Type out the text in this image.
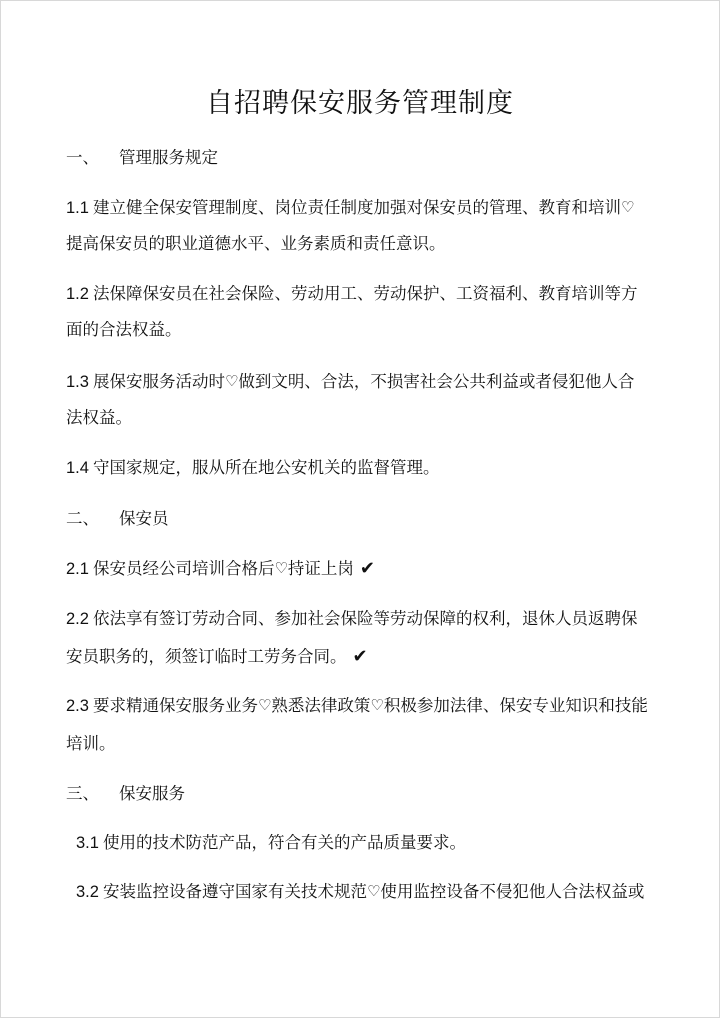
自招聘保安服务管理制度
一、 管理服务规定
1.1 建立健全保安管理制度、岗位责任制度加强对保安员的管理、教育和培训♡
提高保安员的职业道德水平、业务素质和责任意识。
1.2 法保障保安员在社会保险、劳动用工、劳动保护、工资福利、教育培训等方
面的合法权益。
1.3 展保安服务活动时♡做到文明、合法，不损害社会公共利益或者侵犯他人合
法权益。
1.4 守国家规定，服从所在地公安机关的监督管理。
二、 保安员
2.1 保安员经公司培训合格后♡持证上岗 ✔
2.2 依法享有签订劳动合同、参加社会保险等劳动保障的权利，退休人员返聘保
安员职务的，须签订临时工劳务合同。 ✔
2.3 要求精通保安服务业务♡熟悉法律政策♡积极参加法律、保安专业知识和技能
培训。
三、 保安服务
3.1 使用的技术防范产品，符合有关的产品质量要求。
3.2 安装监控设备遵守国家有关技术规范♡使用监控设备不侵犯他人合法权益或
